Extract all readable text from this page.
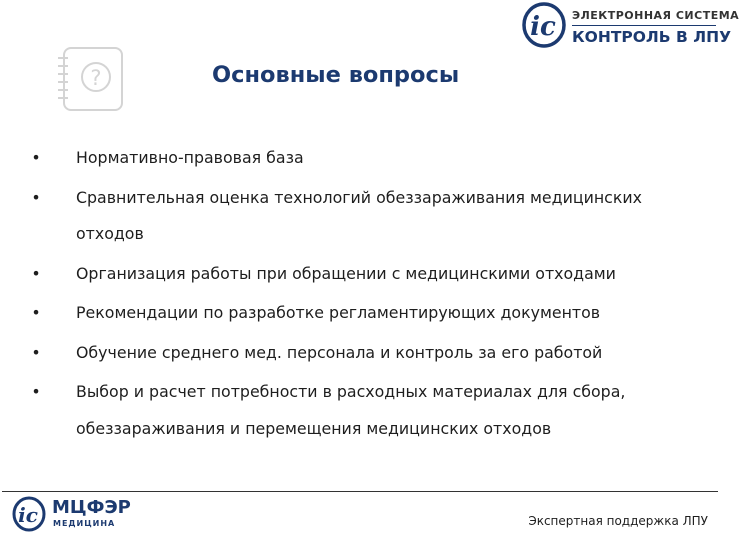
?
ic ЭЛЕКТРОННАЯ СИСТЕМА
КОНТРОЛЬ В ЛПУ
Основные вопросы
• Нормативно-правовая база
• Сравнительная оценка технологий обеззараживания медицинских отходов
• Организация работы при обращении с медицинскими отходами
• Рекомендации по разработке регламентирующих документов
• Обучение среднего мед. персонала и контроль за его работой
• Выбор и расчет потребности в расходных материалах для сбора, обеззараживания и перемещения медицинских отходов
ic МЦФЭР
МЕДИЦИНА	Экспертная поддержка ЛПУ
